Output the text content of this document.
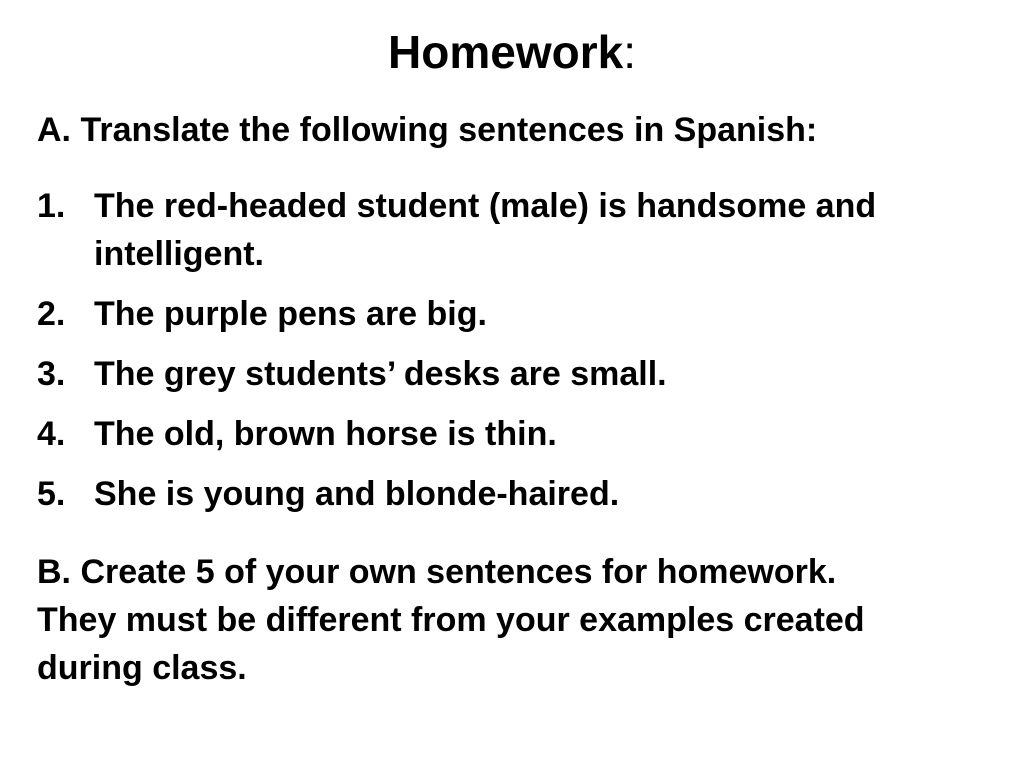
Homework:
A. Translate the following sentences in Spanish:
1. The red-headed student (male) is handsome and intelligent.
2. The purple pens are big.
3. The grey students’ desks are small.
4. The old, brown horse is thin.
5. She is young and blonde-haired.
B. Create 5 of your own sentences for homework.
They must be different from your examples created
during class.
